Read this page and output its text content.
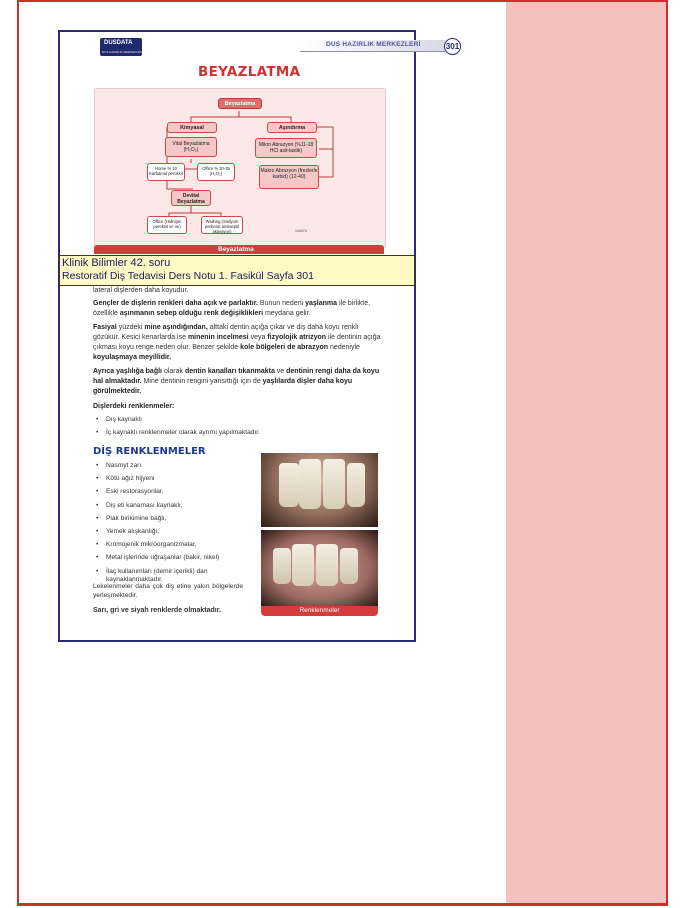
DUSDATA
DUS HAZIRLIK MERKEZLERİ
DUS HAZIRLIK MERKEZLERİ	301
BEYAZLATMA
Beyazlatma
Kimyasal	Aşındırma
Vital Beyazlatma (H₂O₂)
Mikro Abrazyon (%11-18 HCl asit-lastik)
Home % 10 Karbamid peroksit
Office % 20-35 (H₂O₂)	Makro Abrazyon (frezlerle karbid) (12-40)
Devital Beyazlatma
Office (Hidrojen peroksit ve ısı)
Walking (Sodyum perborat ansiseptil aktivayon)	10d374
Beyazlatma
Klinik Bilimler 42. soru
Restoratif Diş Tedavisi Ders Notu 1. Fasikül Sayfa 301

lateral dişlerden daha koyudur.

Gençler de dişlerin renkleri daha açık ve parlaktır. Bunun nedeni yaşlanma ile birlikte, özellikle aşınmanın sebep olduğu renk değişiklikleri meydana gelir.

Fasiyal yüzdeki mine aşındığından, alttaki dentin açığa çıkar ve diş daha koyu renkli gözükür. Kesici kenarlarda ise minenin incelmesi veya fizyolojik atrizyon ile dentinin açığa çıkması koyu renge neden olur. Benzer şekilde kole bölgeleri de abrazyon nedeniyle koyulaşmaya meyillidir.

Ayrıca yaşlılığa bağlı olarak dentin kanalları tıkanmakta ve dentinin rengi daha da koyu hal almaktadır. Mine dentinin rengini yansıttığı için de yaşlılarda dişler daha koyu görülmektedir.

Dişlerdeki renklenmeler:

• Dış kaynaklı
• İç kaynaklı renklenmeler olarak ayrımı yapılmaktadır.
DİŞ RENKLENMELER
• Nasmyt zarı
• Kötü ağız hijyeni
• Eski restorasyonlar,
• Diş eti kanaması kaynaklı,
• Plak birikimine bağlı,
• Yemek alışkanlığı,
• Kromojenik mikroorganizmalar,
• Metal işlerinde uğraşanlar (bakır, nikel)
• İlaç kullanımları (demir içerikli) dan kaynaklanmaktadır.

Lekelenmeler daha çok diş etine yakın bölgelerde yerleşmektedir.

Sarı, gri ve siyah renklerde olmaktadır.	Renklenmeler
